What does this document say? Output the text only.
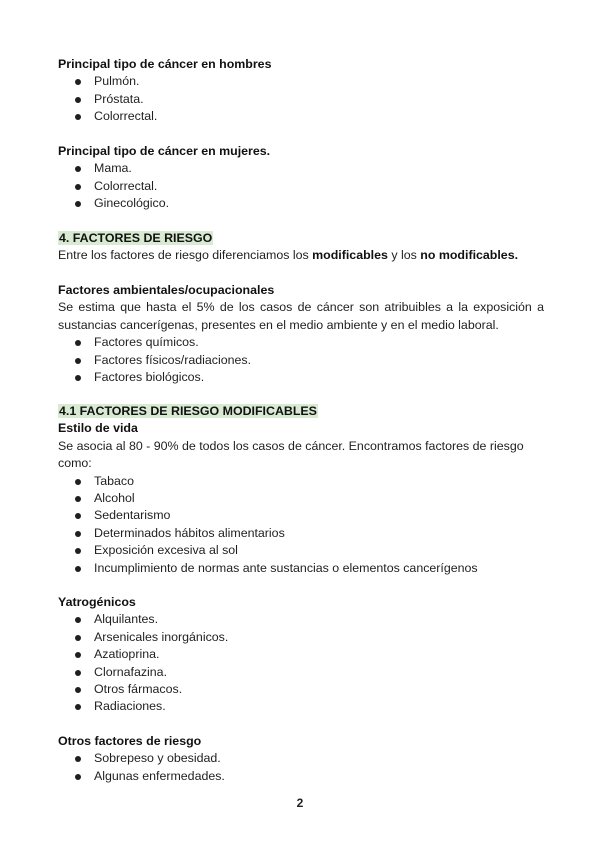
Principal tipo de cáncer en hombres

Pulmón.
Próstata.
Colorrectal.

Principal tipo de cáncer en mujeres.

Mama.
Colorrectal.
Ginecológico.

4. FACTORES DE RIESGO

Entre los factores de riesgo diferenciamos los modificables y los no modificables.

Factores ambientales/ocupacionales

Se estima que hasta el 5% de los casos de cáncer son atribuibles a la exposición a sustancias cancerígenas, presentes en el medio ambiente y en el medio laboral.

Factores químicos.
Factores físicos/radiaciones.
Factores biológicos.

4.1 FACTORES DE RIESGO MODIFICABLES

Estilo de vida

Se asocia al 80 - 90% de todos los casos de cáncer. Encontramos factores de riesgo como:

Tabaco
Alcohol
Sedentarismo
Determinados hábitos alimentarios
Exposición excesiva al sol
Incumplimiento de normas ante sustancias o elementos cancerígenos

Yatrogénicos

Alquilantes.
Arsenicales inorgánicos.
Azatioprina.
Clornafazina.
Otros fármacos.
Radiaciones.

Otros factores de riesgo

Sobrepeso y obesidad.
Algunas enfermedades.
2
